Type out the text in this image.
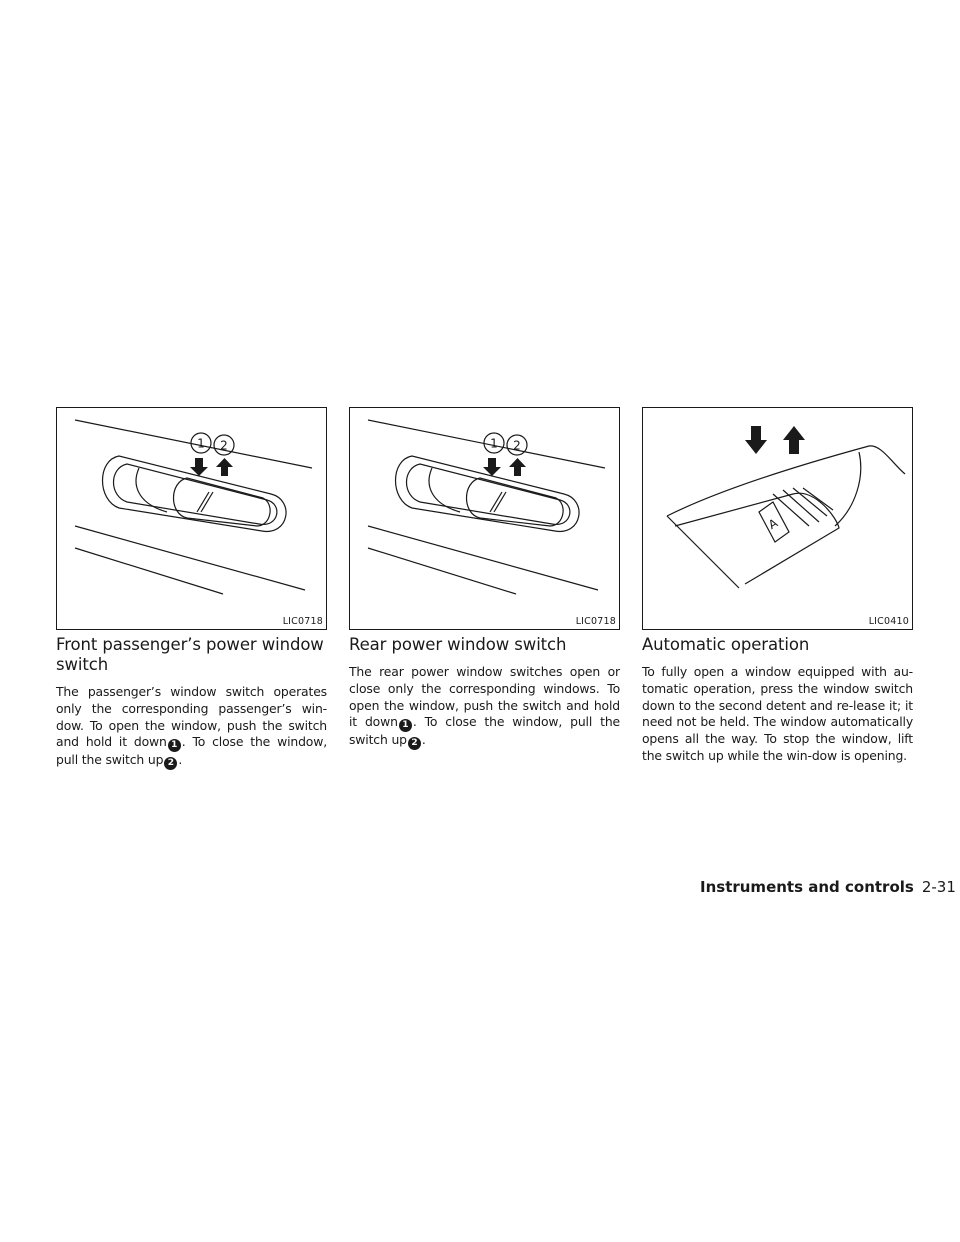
1 2
LIC0718
Front passenger’s power window switch

The passenger’s window switch operates only the corresponding passenger’s win-dow. To open the window, push the switch and hold it down 1 . To close the window, pull the switch up 2 .

1 2
LIC0718
Rear power window switch

The rear power window switches open or close only the corresponding windows. To open the window, push the switch and hold it down 1 . To close the window, pull the switch up 2 .

A
LIC0410
Automatic operation

To fully open a window equipped with au-tomatic operation, press the window switch down to the second detent and re-lease it; it need not be held. The window automatically opens all the way. To stop the window, lift the switch up while the win-dow is opening.

Instruments and controls 2-31
